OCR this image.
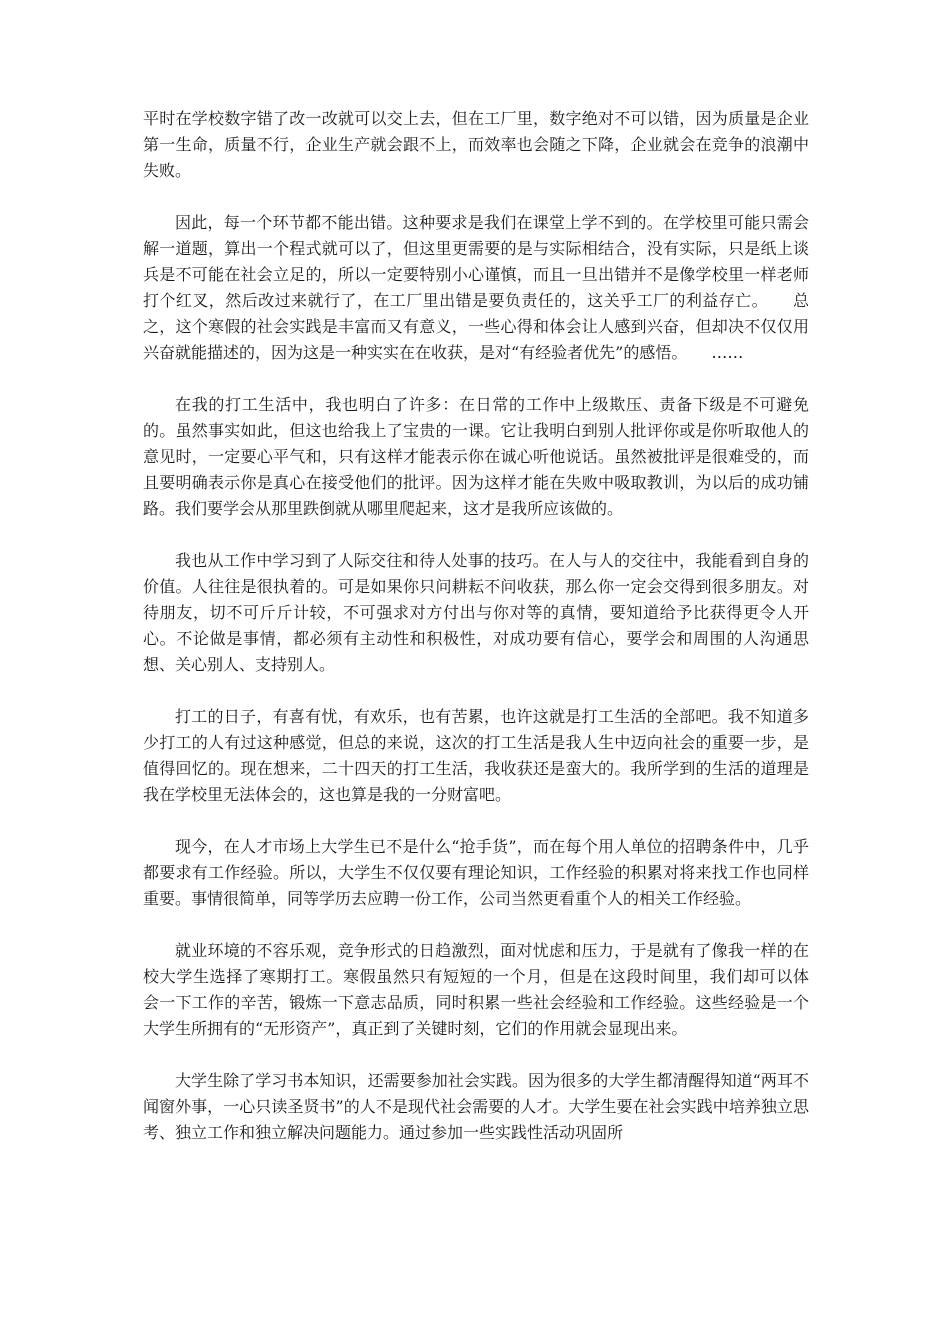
平时在学校数字错了改一改就可以交上去，但在工厂里，数字绝对不可以错，因为质量是企业第一生命，质量不行，企业生产就会跟不上，而效率也会随之下降，企业就会在竞争的浪潮中失败。

因此，每一个环节都不能出错。这种要求是我们在课堂上学不到的。在学校里可能只需会解一道题，算出一个程式就可以了，但这里更需要的是与实际相结合，没有实际，只是纸上谈兵是不可能在社会立足的，所以一定要特别小心谨慎，而且一旦出错并不是像学校里一样老师打个红叉，然后改过来就行了，在工厂里出错是要负责任的，这关乎工厂的利益存亡。　　总之，这个寒假的社会实践是丰富而又有意义，一些心得和体会让人感到兴奋，但却决不仅仅用兴奋就能描述的，因为这是一种实实在在收获，是对“有经验者优先”的感悟。　　……

在我的打工生活中，我也明白了许多：在日常的工作中上级欺压、责备下级是不可避免的。虽然事实如此，但这也给我上了宝贵的一课。它让我明白到别人批评你或是你听取他人的意见时，一定要心平气和，只有这样才能表示你在诚心听他说话。虽然被批评是很难受的，而且要明确表示你是真心在接受他们的批评。因为这样才能在失败中吸取教训，为以后的成功铺路。我们要学会从那里跌倒就从哪里爬起来，这才是我所应该做的。

我也从工作中学习到了人际交往和待人处事的技巧。在人与人的交往中，我能看到自身的价值。人往往是很执着的。可是如果你只问耕耘不问收获，那么你一定会交得到很多朋友。对待朋友，切不可斤斤计较，不可强求对方付出与你对等的真情，要知道给予比获得更令人开心。不论做是事情，都必须有主动性和积极性，对成功要有信心，要学会和周围的人沟通思想、关心别人、支持别人。

打工的日子，有喜有忧，有欢乐，也有苦累，也许这就是打工生活的全部吧。我不知道多少打工的人有过这种感觉，但总的来说，这次的打工生活是我人生中迈向社会的重要一步，是值得回忆的。现在想来，二十四天的打工生活，我收获还是蛮大的。我所学到的生活的道理是我在学校里无法体会的，这也算是我的一分财富吧。

现今，在人才市场上大学生已不是什么“抢手货”，而在每个用人单位的招聘条件中，几乎都要求有工作经验。所以，大学生不仅仅要有理论知识，工作经验的积累对将来找工作也同样重要。事情很简单，同等学历去应聘一份工作，公司当然更看重个人的相关工作经验。

就业环境的不容乐观，竞争形式的日趋激烈，面对忧虑和压力，于是就有了像我一样的在校大学生选择了寒期打工。寒假虽然只有短短的一个月，但是在这段时间里，我们却可以体　会一下工作的辛苦，锻炼一下意志品质，同时积累一些社会经验和工作经验。这些经验是一个大学生所拥有的“无形资产”，真正到了关键时刻，它们的作用就会显现出来。

大学生除了学习书本知识，还需要参加社会实践。因为很多的大学生都清醒得知道“两耳不闻窗外事，一心只读圣贤书”的人不是现代社会需要的人才。大学生要在社会实践中培养独立思考、独立工作和独立解决问题能力。通过参加一些实践性活动巩固所
